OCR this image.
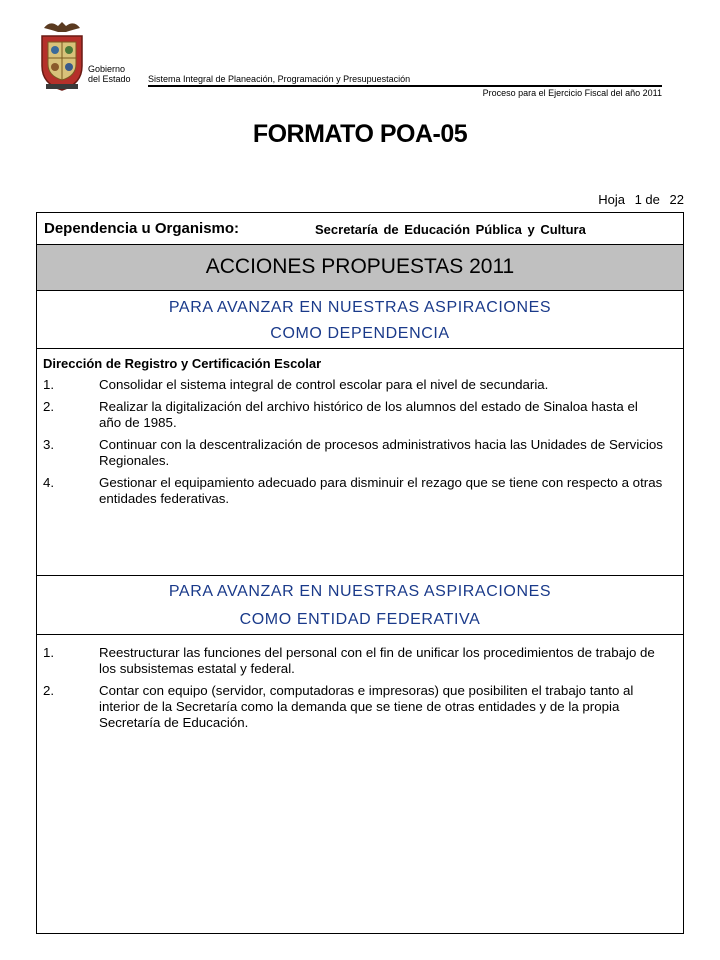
Gobierno
del Estado Sistema Integral de Planeación, Programación y Presupuestación
Proceso para el Ejercicio Fiscal del año 2011
FORMATO POA-05
Hoja 1 de 22
Dependencia u Organismo:	Secretaría de Educación Pública y Cultura
ACCIONES PROPUESTAS 2011
PARA AVANZAR EN NUESTRAS ASPIRACIONES
COMO DEPENDENCIA
Dirección de Registro y Certificación Escolar
1.	Consolidar el sistema integral de control escolar para el nivel de secundaria.
2.	Realizar la digitalización del archivo histórico de los alumnos del estado de Sinaloa hasta el año de 1985.
3.	Continuar con la descentralización de procesos administrativos hacia las Unidades de Servicios Regionales.
4.	Gestionar el equipamiento adecuado para disminuir el rezago que se tiene con respecto a otras entidades federativas.
PARA AVANZAR EN NUESTRAS ASPIRACIONES
COMO ENTIDAD FEDERATIVA
1.	Reestructurar las funciones del personal con el fin de unificar los procedimientos de trabajo de los subsistemas estatal y federal.
2.	Contar con equipo (servidor, computadoras e impresoras) que posibiliten el trabajo tanto al interior de la Secretaría como la demanda que se tiene de otras entidades y de la propia Secretaría de Educación.
